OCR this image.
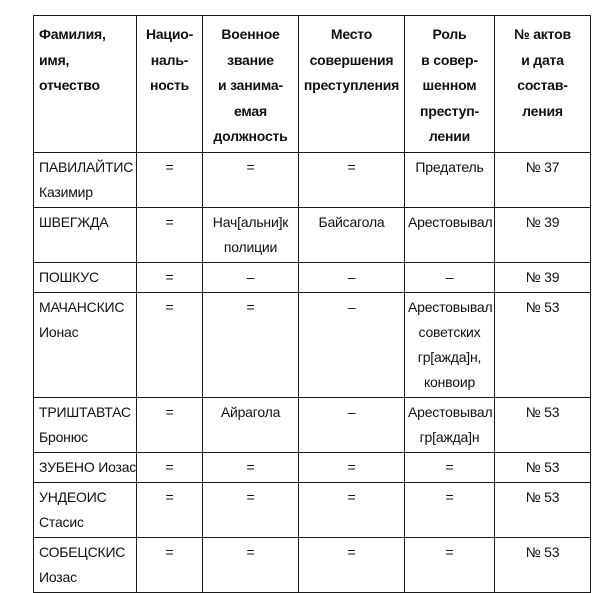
Фамилия,
имя,
отчество	Нацио-
наль-
ность	Военное
звание
и занима-
емая
должность	Место
совершения
преступления	Роль
в совер-
шенном
преступ-
лении	№ актов
и дата
состав-
ления

ПАВИЛАЙТИС
Казимир	=	=	=	Предатель	№ 37

ШВЕГЖДА	=	Нач[альни]к
полиции	Байсагола	Арестовывал	№ 39

ПОШКУС	=	–	–	–	№ 39

МАЧАНСКИС
Ионас	=	=	–	Арестовывал
советских
гр[ажда]н,
конвоир	№ 53

ТРИШТАВТАС
Бронюс	=	Айрагола	–	Арестовывал
гр[ажда]н	№ 53

ЗУБЕНО Иозас	=	=	=	=	№ 53

УНДЕОИС
Стасис	=	=	=	=	№ 53

СОБЕЦСКИС
Иозас	=	=	=	=	№ 53
